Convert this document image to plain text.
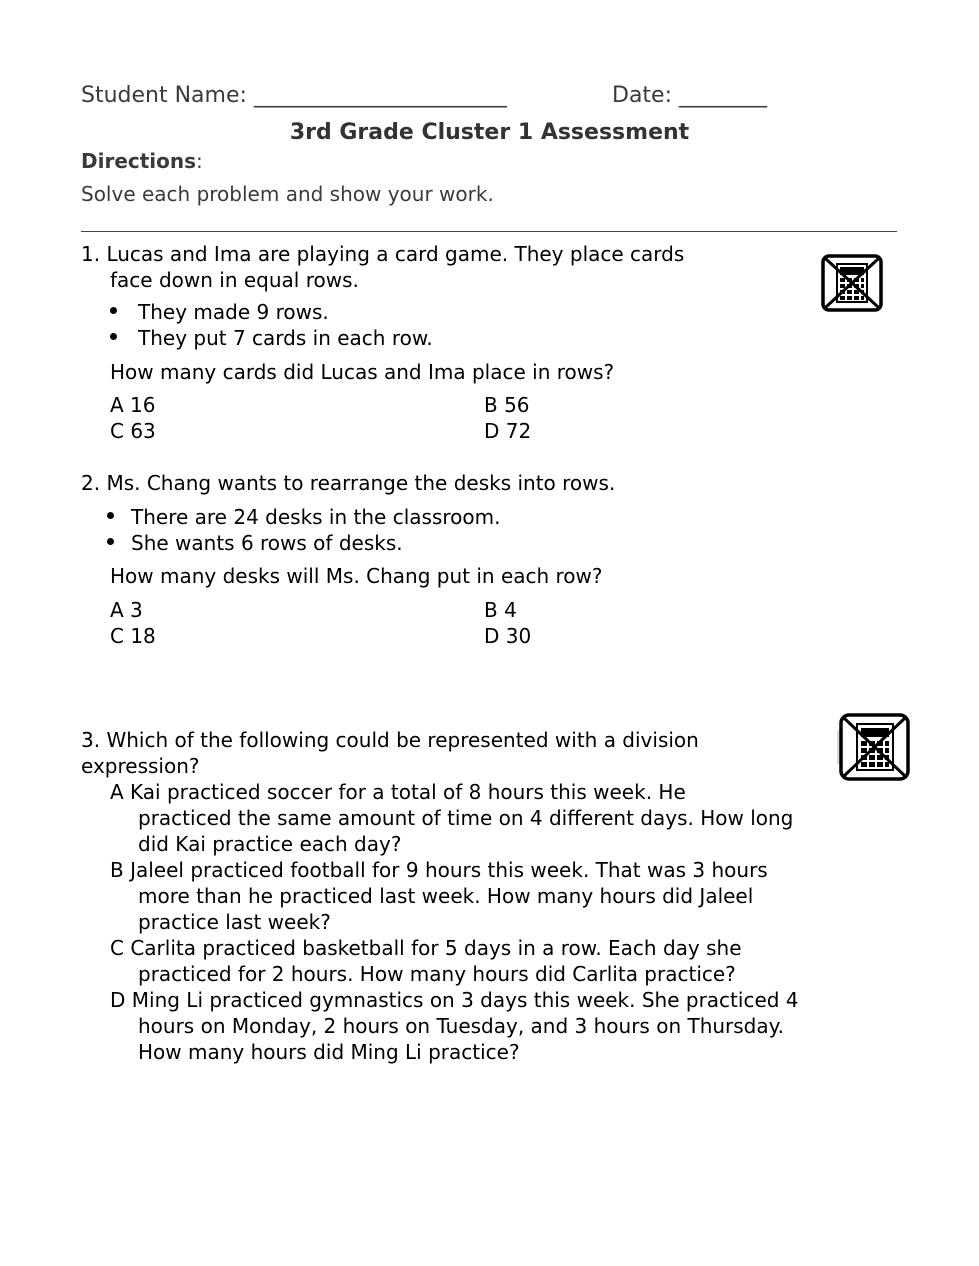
Student Name: _______________________	Date: ________
3rd Grade Cluster 1 Assessment
Directions:
Solve each problem and show your work.
1. Lucas and Ima are playing a card game. They place cards
face down in equal rows.
They made 9 rows.
They put 7 cards in each row.
How many cards did Lucas and Ima place in rows?
A 16	B 56
C 63	D 72
2. Ms. Chang wants to rearrange the desks into rows.
There are 24 desks in the classroom.
She wants 6 rows of desks.
How many desks will Ms. Chang put in each row?
A 3	B 4
C 18	D 30
3. Which of the following could be represented with a division
expression?
A Kai practiced soccer for a total of 8 hours this week. He
practiced the same amount of time on 4 different days. How long
did Kai practice each day?
B Jaleel practiced football for 9 hours this week. That was 3 hours
more than he practiced last week. How many hours did Jaleel
practice last week?
C Carlita practiced basketball for 5 days in a row. Each day she
practiced for 2 hours. How many hours did Carlita practice?
D Ming Li practiced gymnastics on 3 days this week. She practiced 4
hours on Monday, 2 hours on Tuesday, and 3 hours on Thursday.
How many hours did Ming Li practice?
